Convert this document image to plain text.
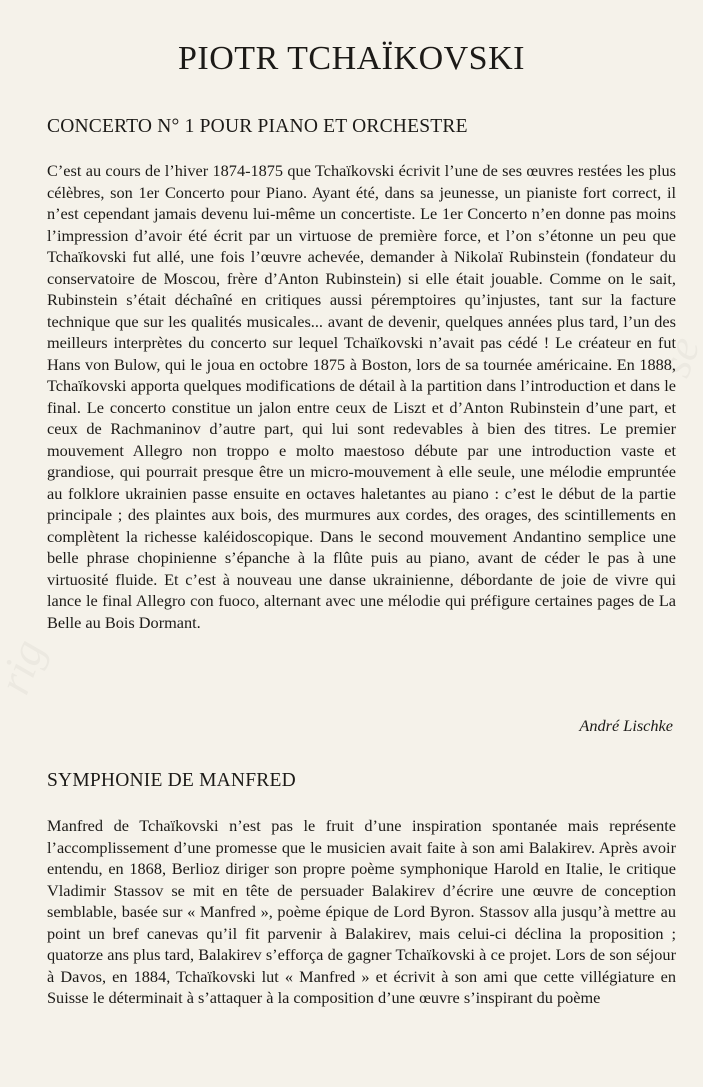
PIOTR TCHAÏKOVSKI
CONCERTO N° 1 POUR PIANO ET ORCHESTRE

C’est au cours de l’hiver 1874-1875 que Tchaïkovski écrivit l’une de ses œuvres restées les plus célèbres, son 1er Concerto pour Piano. Ayant été, dans sa jeunesse, un pianiste fort correct, il n’est cependant jamais devenu lui-même un concertiste. Le 1er Concerto n’en donne pas moins l’impression d’avoir été écrit par un virtuose de première force, et l’on s’étonne un peu que Tchaïkovski fut allé, une fois l’œuvre achevée, demander à Nikolaï Rubinstein (fondateur du conservatoire de Moscou, frère d’Anton Rubinstein) si elle était jouable. Comme on le sait, Rubinstein s’était déchaîné en critiques aussi péremptoires qu’injustes, tant sur la facture technique que sur les qualités musicales... avant de devenir, quelques années plus tard, l’un des meilleurs interprètes du concerto sur lequel Tchaïkovski n’avait pas cédé ! Le créateur en fut Hans von Bulow, qui le joua en octobre 1875 à Boston, lors de sa tournée américaine. En 1888, Tchaïkovski apporta quelques modifications de détail à la partition dans l’introduction et dans le final. Le concerto constitue un jalon entre ceux de Liszt et d’Anton Rubinstein d’une part, et ceux de Rachmaninov d’autre part, qui lui sont redevables à bien des titres. Le premier mouvement Allegro non troppo e molto maestoso débute par une introduction vaste et grandiose, qui pourrait presque être un micro-mouvement à elle seule, une mélodie empruntée au folklore ukrainien passe ensuite en octaves haletantes au piano : c’est le début de la partie principale ; des plaintes aux bois, des murmures aux cordes, des orages, des scintillements en complètent la richesse kaléidoscopique. Dans le second mouvement Andantino semplice une belle phrase chopinienne s’épanche à la flûte puis au piano, avant de céder le pas à une virtuosité fluide. Et c’est à nouveau une danse ukrainienne, débordante de joie de vivre qui lance le final Allegro con fuoco, alternant avec une mélodie qui préfigure certaines pages de La Belle au Bois Dormant.

André Lischke

SYMPHONIE DE MANFRED

Manfred de Tchaïkovski n’est pas le fruit d’une inspiration spontanée mais représente l’accomplissement d’une promesse que le musicien avait faite à son ami Balakirev. Après avoir entendu, en 1868, Berlioz diriger son propre poème symphonique Harold en Italie, le critique Vladimir Stassov se mit en tête de persuader Balakirev d’écrire une œuvre de conception semblable, basée sur « Manfred », poème épique de Lord Byron. Stassov alla jusqu’à mettre au point un bref canevas qu’il fit parvenir à Balakirev, mais celui-ci déclina la proposition ; quatorze ans plus tard, Balakirev s’efforça de gagner Tchaïkovski à ce projet. Lors de son séjour à Davos, en 1884, Tchaïkovski lut « Manfred » et écrivit à son ami que cette villégiature en Suisse le déterminait à s’attaquer à la composition d’une œuvre s’inspirant du poème
